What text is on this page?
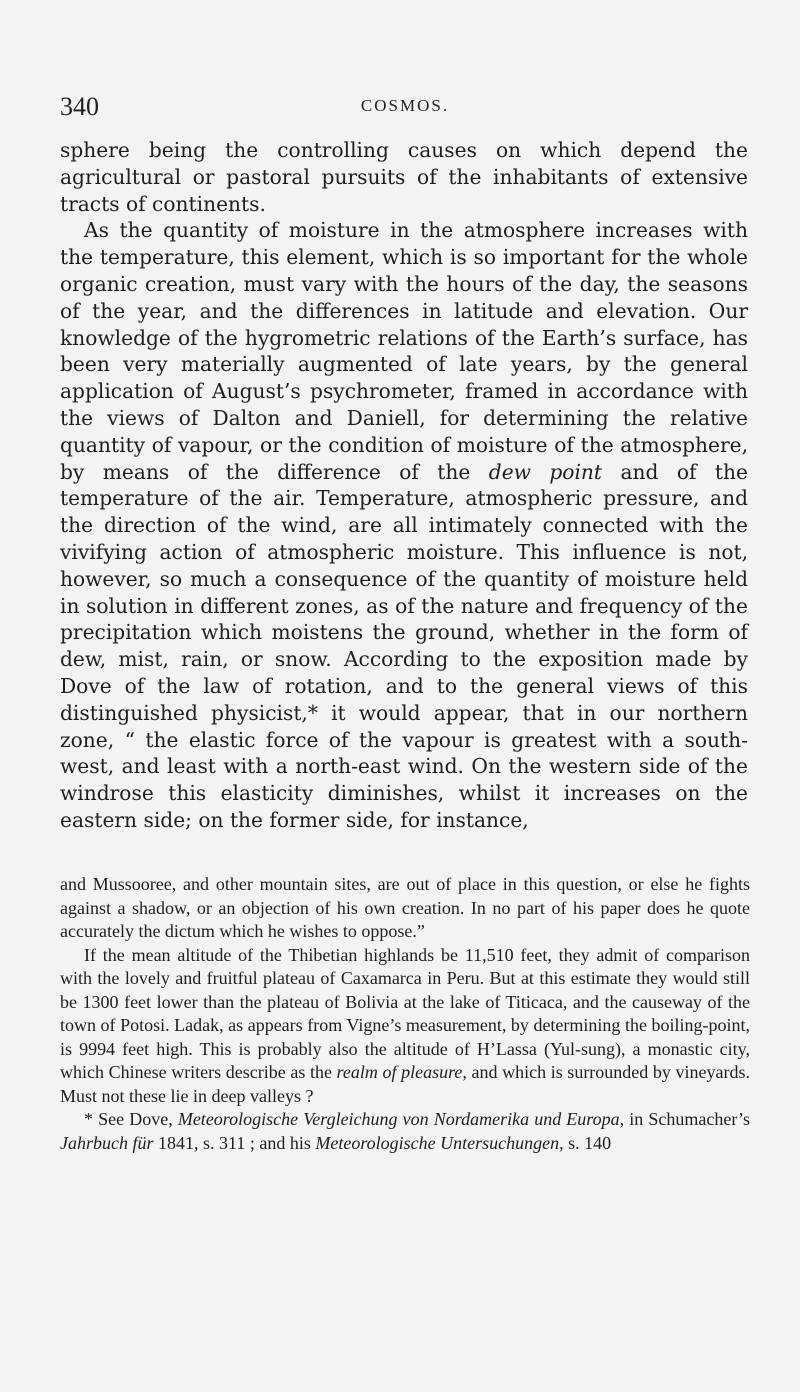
340	COSMOS.

sphere being the controlling causes on which depend the agricultural or pastoral pursuits of the inhabitants of extensive tracts of continents.

As the quantity of moisture in the atmosphere increases with the temperature, this element, which is so important for the whole organic creation, must vary with the hours of the day, the seasons of the year, and the differences in latitude and elevation. Our knowledge of the hygrometric relations of the Earth’s surface, has been very materially augmented of late years, by the general application of August’s psychrometer, framed in accordance with the views of Dalton and Daniell, for determining the relative quantity of vapour, or the condition of moisture of the atmosphere, by means of the difference of the dew point and of the temperature of the air. Temperature, atmospheric pressure, and the direction of the wind, are all intimately connected with the vivifying action of atmospheric moisture. This influence is not, however, so much a consequence of the quantity of moisture held in solution in different zones, as of the nature and frequency of the precipitation which moistens the ground, whether in the form of dew, mist, rain, or snow. According to the exposition made by Dove of the law of rotation, and to the general views of this distinguished physicist,* it would appear, that in our northern zone, “ the elastic force of the vapour is greatest with a south-west, and least with a north-east wind. On the western side of the windrose this elasticity diminishes, whilst it increases on the eastern side; on the former side, for instance,

and Mussooree, and other mountain sites, are out of place in this question, or else he fights against a shadow, or an objection of his own creation. In no part of his paper does he quote accurately the dictum which he wishes to oppose.”

If the mean altitude of the Thibetian highlands be 11,510 feet, they admit of comparison with the lovely and fruitful plateau of Caxamarca in Peru. But at this estimate they would still be 1300 feet lower than the plateau of Bolivia at the lake of Titicaca, and the causeway of the town of Potosi. Ladak, as appears from Vigne’s measurement, by determining the boiling-point, is 9994 feet high. This is probably also the altitude of H’Lassa (Yul-sung), a monastic city, which Chinese writers describe as the realm of pleasure, and which is surrounded by vineyards. Must not these lie in deep valleys ?

* See Dove, Meteorologische Vergleichung von Nordamerika und Europa, in Schumacher’s Jahrbuch für 1841, s. 311 ; and his Meteorologische Untersuchungen, s. 140
